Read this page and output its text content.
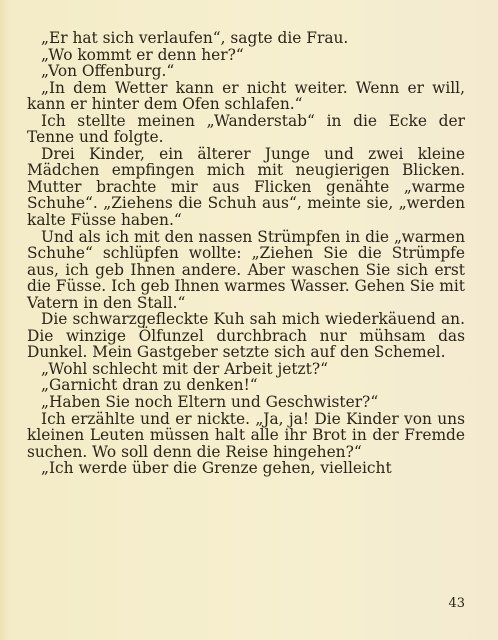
„Er hat sich verlaufen“, sagte die Frau.

„Wo kommt er denn her?“

„Von Offenburg.“

„In dem Wetter kann er nicht weiter. Wenn er will, kann er hinter dem Ofen schlafen.“

Ich stellte meinen „Wanderstab“ in die Ecke der Tenne und folgte.

Drei Kinder, ein älterer Junge und zwei kleine Mädchen empfingen mich mit neugierigen Blicken. Mutter brachte mir aus Flicken genähte „warme Schuhe“. „Ziehens die Schuh aus“, meinte sie, „werden kalte Füsse haben.“

Und als ich mit den nassen Strümpfen in die „warmen Schuhe“ schlüpfen wollte: „Ziehen Sie die Strümpfe aus, ich geb Ihnen andere. Aber waschen Sie sich erst die Füsse. Ich geb Ihnen warmes Wasser. Gehen Sie mit Vatern in den Stall.“

Die schwarzgefleckte Kuh sah mich wiederkäuend an. Die winzige Ölfunzel durchbrach nur mühsam das Dunkel. Mein Gastgeber setzte sich auf den Schemel.

„Wohl schlecht mit der Arbeit jetzt?“

„Garnicht dran zu denken!“

„Haben Sie noch Eltern und Geschwister?“

Ich erzählte und er nickte. „Ja, ja! Die Kinder von uns kleinen Leuten müssen halt alle ihr Brot in der Fremde suchen. Wo soll denn die Reise hingehen?“

„Ich werde über die Grenze gehen, vielleicht

43
